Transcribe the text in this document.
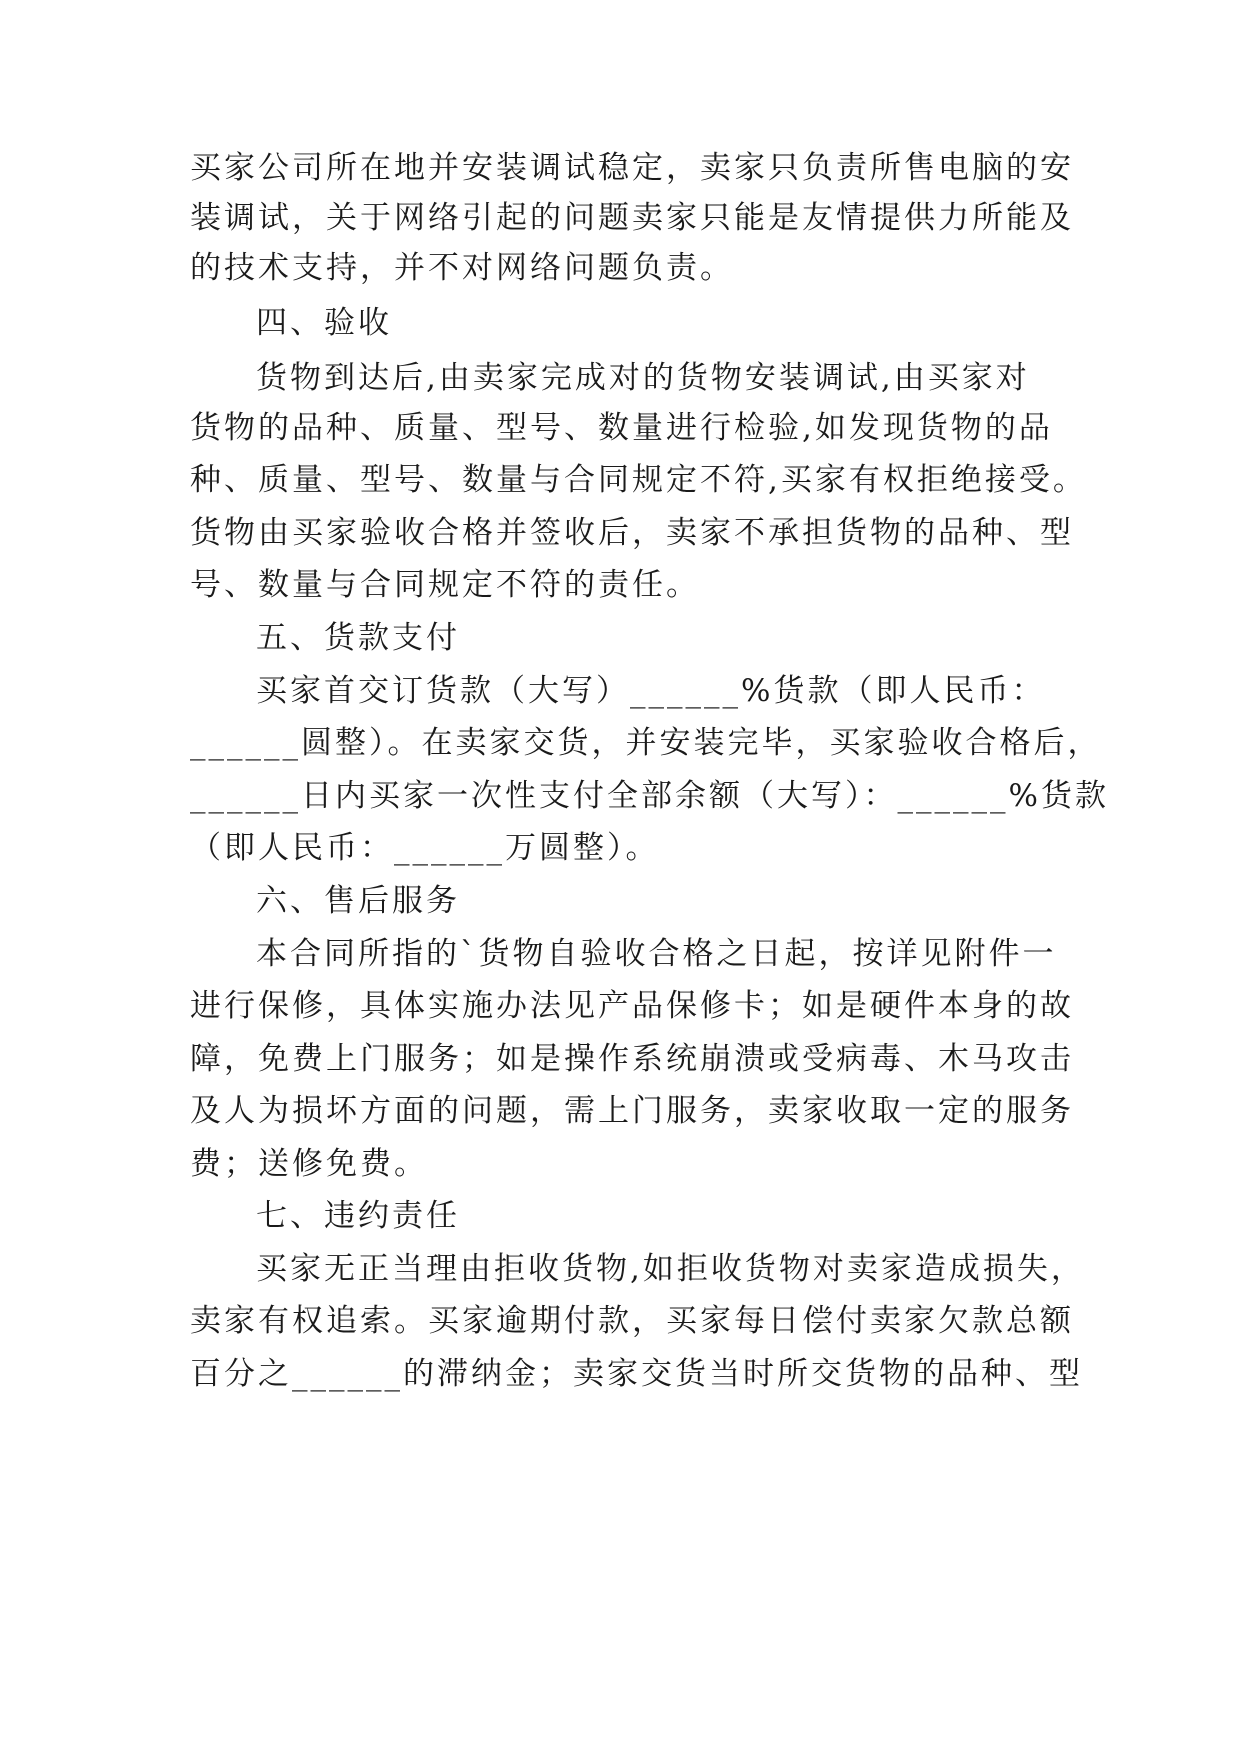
买家公司所在地并安装调试稳定，卖家只负责所售电脑的安
装调试，关于网络引起的问题卖家只能是友情提供力所能及
的技术支持，并不对网络问题负责。
四、验收
货物到达后,由卖家完成对的货物安装调试,由买家对
货物的品种、质量、型号、数量进行检验,如发现货物的品
种、质量、型号、数量与合同规定不符,买家有权拒绝接受。
货物由买家验收合格并签收后，卖家不承担货物的品种、型
号、数量与合同规定不符的责任。
五、货款支付
买家首交订货款（大写）______%货款（即人民币：
______圆整）。在卖家交货，并安装完毕，买家验收合格后，
______日内买家一次性支付全部余额（大写）：______%货款
（即人民币：______万圆整）。
六、售后服务
本合同所指的`货物自验收合格之日起，按详见附件一
进行保修，具体实施办法见产品保修卡；如是硬件本身的故
障，免费上门服务；如是操作系统崩溃或受病毒、木马攻击
及人为损坏方面的问题，需上门服务，卖家收取一定的服务
费；送修免费。
七、违约责任
买家无正当理由拒收货物,如拒收货物对卖家造成损失，
卖家有权追索。买家逾期付款，买家每日偿付卖家欠款总额
百分之______的滞纳金；卖家交货当时所交货物的品种、型
